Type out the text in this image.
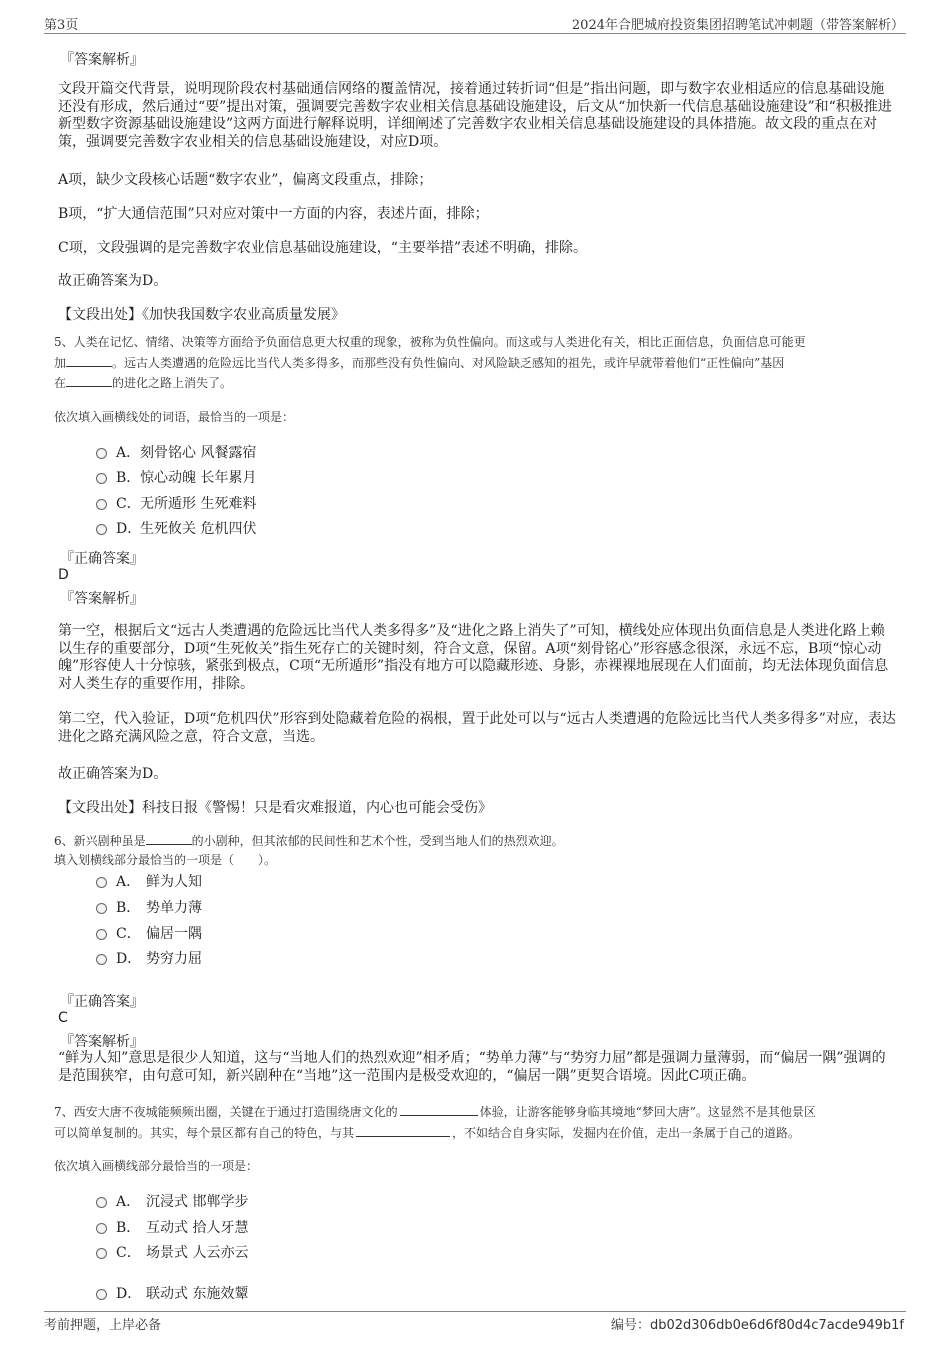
第3页	2024年合肥城府投资集团招聘笔试冲刺题（带答案解析）
『答案解析』
文段开篇交代背景，说明现阶段农村基础通信网络的覆盖情况，接着通过转折词“但是”指出问题，即与数字农业相适应的信息基础设施还没有形成，然后通过“要”提出对策，强调要完善数字农业相关信息基础设施建设，后文从“加快新一代信息基础设施建设”和“积极推进新型数字资源基础设施建设”这两方面进行解释说明，详细阐述了完善数字农业相关信息基础设施建设的具体措施。故文段的重点在对策，强调要完善数字农业相关的信息基础设施建设，对应D项。
A项，缺少文段核心话题“数字农业”，偏离文段重点，排除；
B项，“扩大通信范围”只对应对策中一方面的内容，表述片面，排除；
C项，文段强调的是完善数字农业信息基础设施建设，“主要举措”表述不明确，排除。
故正确答案为D。
【文段出处】《加快我国数字农业高质量发展》
5、人类在记忆、情绪、决策等方面给予负面信息更大权重的现象，被称为负性偏向。而这或与人类进化有关，相比正面信息，负面信息可能更
加	。远古人类遭遇的危险远比当代人类多得多，而那些没有负性偏向、对风险缺乏感知的祖先，或许早就带着他们“正性偏向”基因
在	的进化之路上消失了。
依次填入画横线处的词语，最恰当的一项是：
A．刻骨铭心 风餐露宿
B．惊心动魄 长年累月
C．无所遁形 生死难料
D．生死攸关 危机四伏
『正确答案』
D
『答案解析』
第一空，根据后文“远古人类遭遇的危险远比当代人类多得多”及“进化之路上消失了”可知，横线处应体现出负面信息是人类进化路上赖以生存的重要部分，D项“生死攸关”指生死存亡的关键时刻，符合文意，保留。A项“刻骨铭心”形容感念很深，永远不忘，B项“惊心动魄”形容使人十分惊骇，紧张到极点，C项“无所遁形”指没有地方可以隐藏形迹、身影，赤裸裸地展现在人们面前，均无法体现负面信息对人类生存的重要作用，排除。
第二空，代入验证，D项“危机四伏”形容到处隐藏着危险的祸根，置于此处可以与“远古人类遭遇的危险远比当代人类多得多”对应，表达进化之路充满风险之意，符合文意，当选。
故正确答案为D。
【文段出处】科技日报《警惕！只是看灾难报道，内心也可能会受伤》
6、新兴剧种虽是	的小剧种，但其浓郁的民间性和艺术个性，受到当地人们的热烈欢迎。
填入划横线部分最恰当的一项是（　　）。
A． 鲜为人知
B． 势单力薄
C． 偏居一隅
D． 势穷力屈
『正确答案』
C
『答案解析』
“鲜为人知”意思是很少人知道，这与“当地人们的热烈欢迎”相矛盾；“势单力薄”与“势穷力屈”都是强调力量薄弱，而“偏居一隅”强调的是范围狭窄，由句意可知，新兴剧种在“当地”这一范围内是极受欢迎的，“偏居一隅”更契合语境。因此C项正确。
7、西安大唐不夜城能频频出圈，关键在于通过打造围绕唐文化的	体验，让游客能够身临其境地“梦回大唐”。这显然不是其他景区
可以简单复制的。其实，每个景区都有自己的特色，与其	，不如结合自身实际，发掘内在价值，走出一条属于自己的道路。
依次填入画横线部分最恰当的一项是：
A． 沉浸式 邯郸学步
B． 互动式 拾人牙慧
C． 场景式 人云亦云
D． 联动式 东施效颦
考前押题，上岸必备	编号：db02d306db0e6d6f80d4c7acde949b1f
